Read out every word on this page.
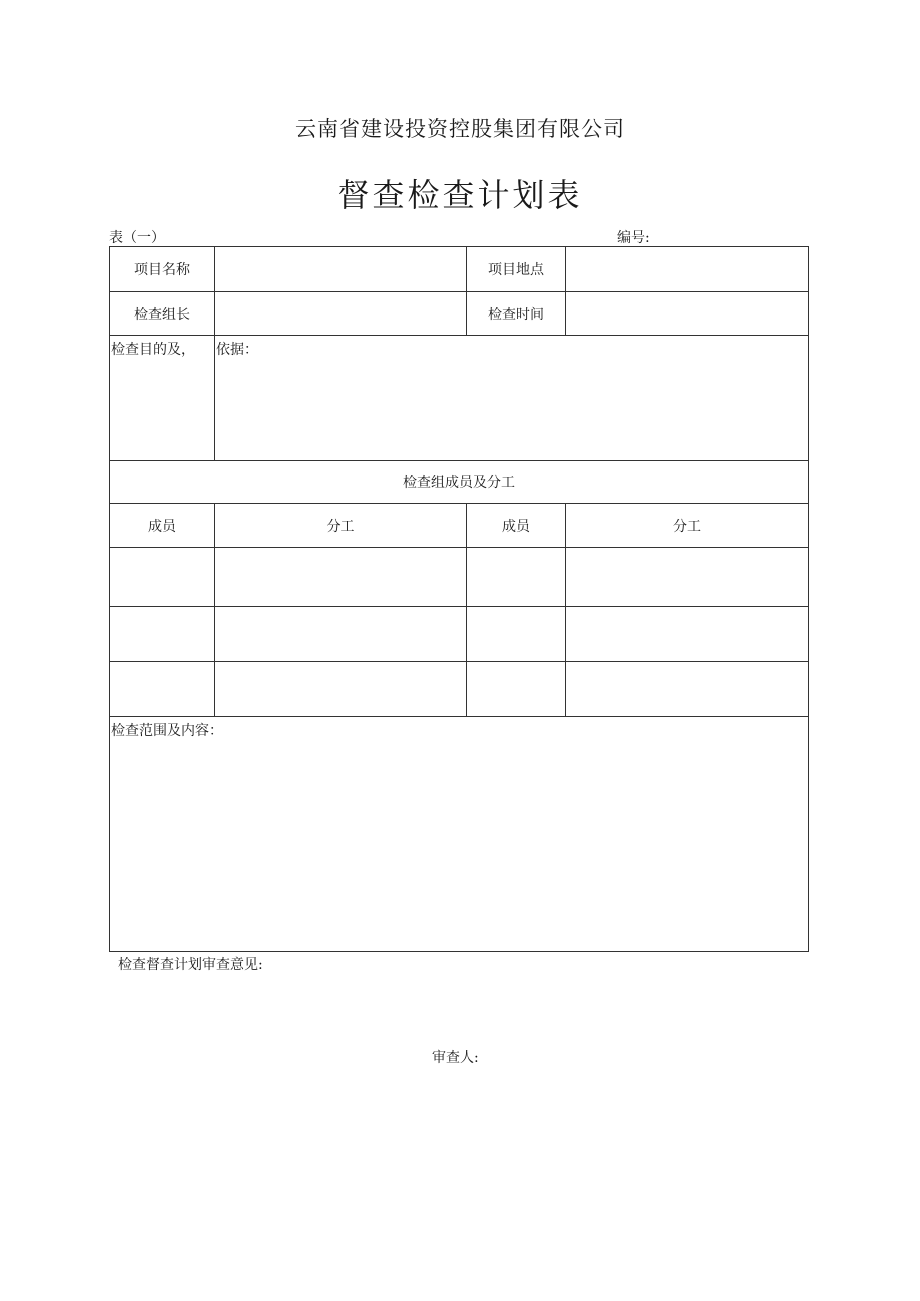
云南省建设投资控股集团有限公司
督查检查计划表
表（一）	编号:
项目名称		项目地点	
检查组长		检查时间	
检查目的及，	依据：		
检查组成员及分工			
成员	分工	成员	分工

检查范围及内容：			
检查督查计划审查意见:
审查人:
